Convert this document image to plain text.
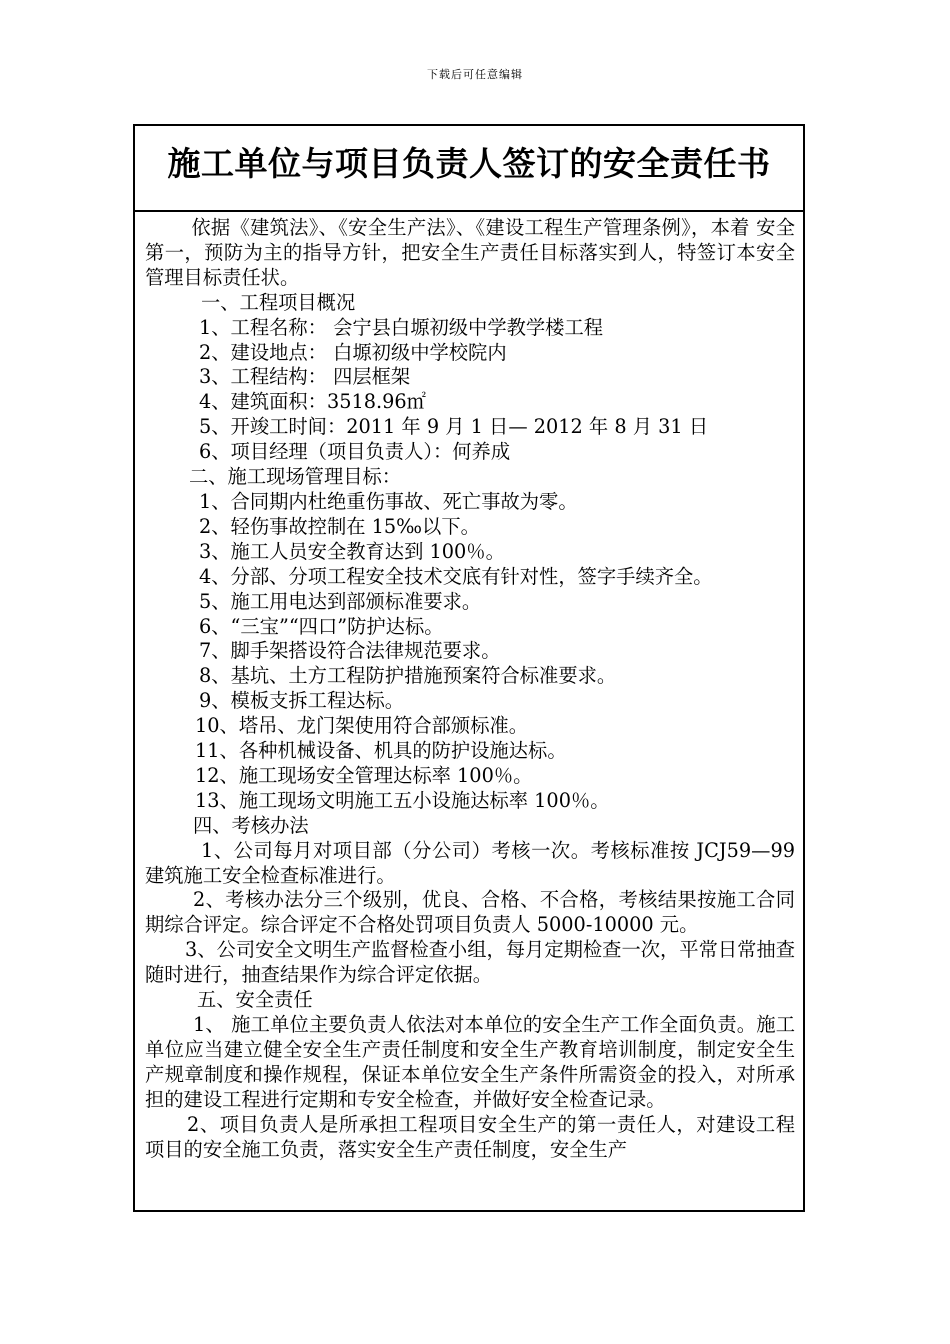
下载后可任意编辑
施工单位与项目负责人签订的安全责任书

依据《建筑法》、《安全生产法》、《建设工程生产管理条例》，本着 安全第一，预防为主的指导方针，把安全生产责任目标落实到人，特签订本安全管理目标责任状。

一、工程项目概况

1、工程名称： 会宁县白塬初级中学教学楼工程

2、建设地点： 白塬初级中学校院内

3、工程结构： 四层框架

4、建筑面积：3518.96㎡

5、开竣工时间：2011 年 9 月 1 日— 2012 年 8 月 31 日

6、项目经理（项目负责人）：何养成

二、施工现场管理目标：

1、合同期内杜绝重伤事故、死亡事故为零。

2、轻伤事故控制在 15‰以下。

3、施工人员安全教育达到 100％。

4、分部、分项工程安全技术交底有针对性，签字手续齐全。

5、施工用电达到部颁标准要求。

6、“三宝”“四口”防护达标。

7、脚手架搭设符合法律规范要求。

8、基坑、土方工程防护措施预案符合标准要求。

9、模板支拆工程达标。

10、塔吊、龙门架使用符合部颁标准。

11、各种机械设备、机具的防护设施达标。

12、施工现场安全管理达标率 100％。

13、施工现场文明施工五小设施达标率 100％。

四、考核办法

1、公司每月对项目部（分公司）考核一次。考核标准按 JCJ59—99 建筑施工安全检查标准进行。

2、考核办法分三个级别，优良、合格、不合格，考核结果按施工合同期综合评定。综合评定不合格处罚项目负责人 5000-10000 元。

3、公司安全文明生产监督检查小组，每月定期检查一次，平常日常抽查随时进行，抽查结果作为综合评定依据。

五、安全责任

1、 施工单位主要负责人依法对本单位的安全生产工作全面负责。施工单位应当建立健全安全生产责任制度和安全生产教育培训制度，制定安全生产规章制度和操作规程，保证本单位安全生产条件所需资金的投入，对所承担的建设工程进行定期和专安全检查，并做好安全检查记录。

2、项目负责人是所承担工程项目安全生产的第一责任人，对建设工程项目的安全施工负责，落实安全生产责任制度，安全生产
